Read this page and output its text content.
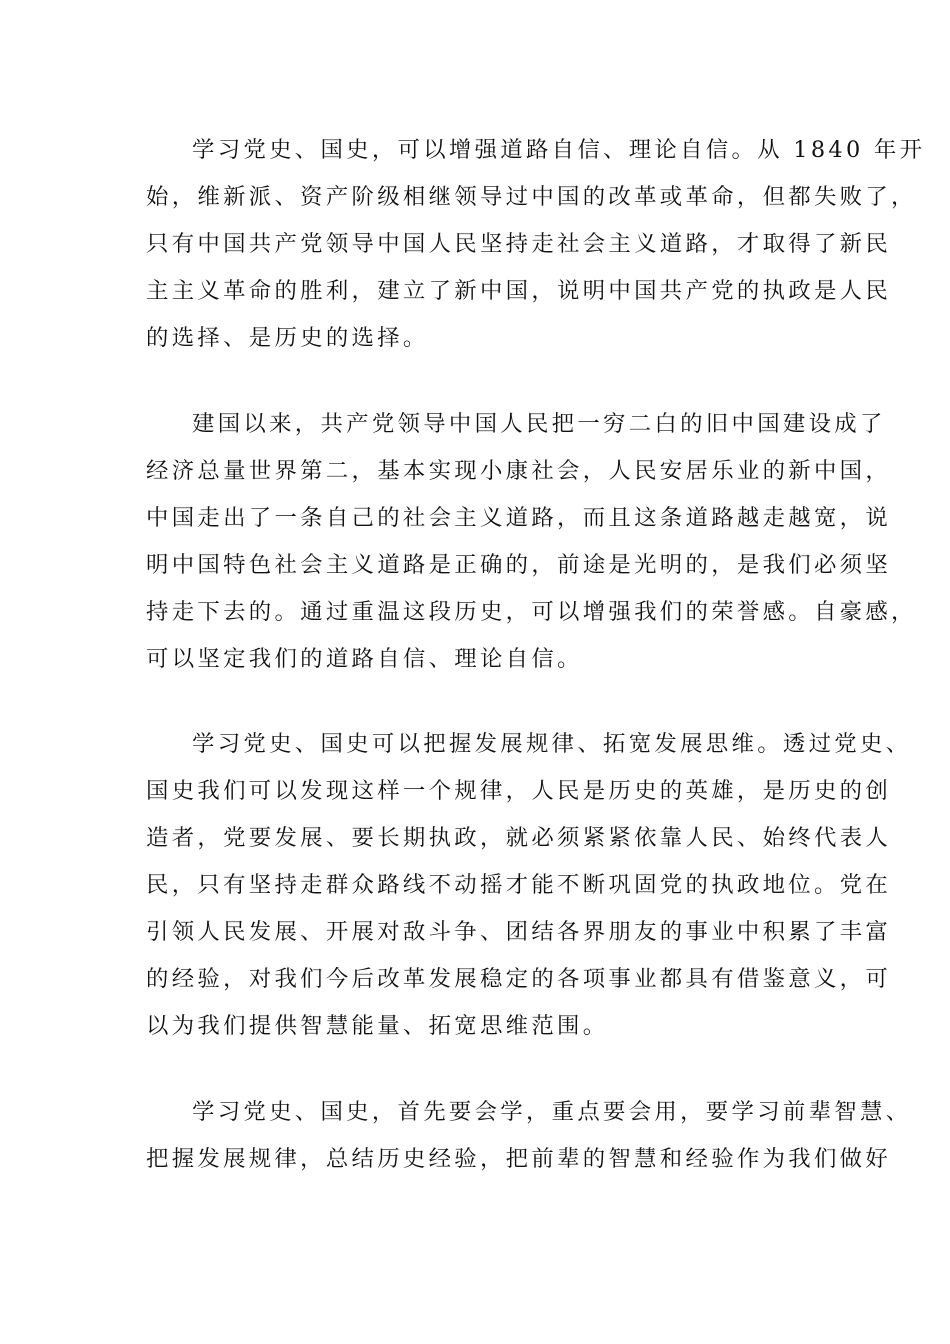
学习党史、国史，可以增强道路自信、理论自信。从 1840 年开
始，维新派、资产阶级相继领导过中国的改革或革命，但都失败了，
只有中国共产党领导中国人民坚持走社会主义道路，才取得了新民
主主义革命的胜利，建立了新中国，说明中国共产党的执政是人民
的选择、是历史的选择。
建国以来，共产党领导中国人民把一穷二白的旧中国建设成了
经济总量世界第二，基本实现小康社会，人民安居乐业的新中国，
中国走出了一条自己的社会主义道路，而且这条道路越走越宽，说
明中国特色社会主义道路是正确的，前途是光明的，是我们必须坚
持走下去的。通过重温这段历史，可以增强我们的荣誉感。自豪感，
可以坚定我们的道路自信、理论自信。
学习党史、国史可以把握发展规律、拓宽发展思维。透过党史、
国史我们可以发现这样一个规律，人民是历史的英雄，是历史的创
造者，党要发展、要长期执政，就必须紧紧依靠人民、始终代表人
民，只有坚持走群众路线不动摇才能不断巩固党的执政地位。党在
引领人民发展、开展对敌斗争、团结各界朋友的事业中积累了丰富
的经验，对我们今后改革发展稳定的各项事业都具有借鉴意义，可
以为我们提供智慧能量、拓宽思维范围。
学习党史、国史，首先要会学，重点要会用，要学习前辈智慧、
把握发展规律，总结历史经验，把前辈的智慧和经验作为我们做好
